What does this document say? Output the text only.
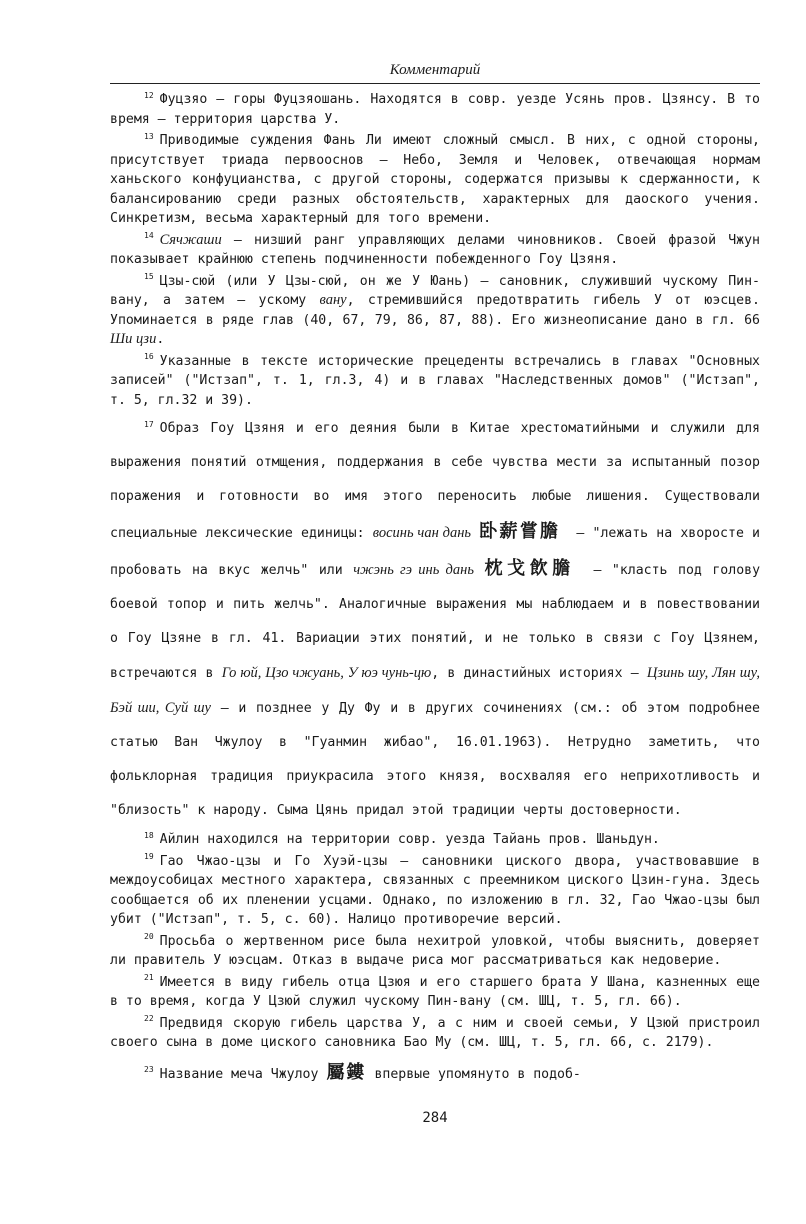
Комментарий

$^{12}$ Фуцзяо — горы Фуцзяошань. Находятся в совр. уезде Усянь пров. Цзянсу. В то время — территория царства У.

$^{13}$ Приводимые суждения Фань Ли имеют сложный смысл. В них, с одной стороны, присутствует триада первооснов — Небо, Земля и Человек, отвечающая нормам ханьского конфуцианства, с другой стороны, содержатся призывы к сдержанности, к балансированию среди разных обстоятельств, характерных для даоского учения. Синкретизм, весьма характерный для того времени.

$^{14}$ Сячжаши — низший ранг управляющих делами чиновников. Своей фразой Чжун показывает крайнюю степень подчиненности побежденного Гоу Цзяня.

$^{15}$ Цзы-сюй (или У Цзы-сюй, он же У Юань) — сановник, служивший чускому Пин-вану, а затем — ускому вану, стремившийся предотвратить гибель У от юэсцев. Упоминается в ряде глав (40, 67, 79, 86, 87, 88). Его жизнеописание дано в гл. 66 Ши цзи.

$^{16}$ Указанные в тексте исторические прецеденты встречались в главах "Основных записей" ("Истзап", т. 1, гл.3, 4) и в главах "Наследственных домов" ("Истзап", т. 5, гл.32 и 39).

$^{17}$ Образ Гоу Цзяня и его деяния были в Китае хрестоматийными и служили для выражения понятий отмщения, поддержания в себе чувства мести за испытанный позор поражения и готовности во имя этого переносить любые лишения. Существовали специальные лексические единицы: восинь чан дань 卧薪嘗膽 — "лежать на хворосте и пробовать на вкус желчь" или чжэнь гэ инь дань 枕戈飲膽 — "класть под голову боевой топор и пить желчь". Аналогичные выражения мы наблюдаем и в повествовании о Гоу Цзяне в гл. 41. Вариации этих понятий, и не только в связи с Гоу Цзянем, встречаются в Го юй, Цзо чжуань, У юэ чунь-цю, в династийных историях — Цзинь шу, Лян шу, Бэй ши, Суй шу — и позднее у Ду Фу и в других сочинениях (см.: об этом подробнее статью Ван Чжулоу в "Гуанмин жибао", 16.01.1963). Нетрудно заметить, что фольклорная традиция приукрасила этого князя, восхваляя его неприхотливость и "близость" к народу. Сыма Цянь придал этой традиции черты достоверности.

$^{18}$ Айлин находился на территории совр. уезда Тайань пров. Шаньдун.

$^{19}$ Гао Чжао-цзы и Го Хуэй-цзы — сановники циского двора, участвовавшие в междоусобицах местного характера, связанных с преемником циского Цзин-гуна. Здесь сообщается об их пленении усцами. Однако, по изложению в гл. 32, Гао Чжао-цзы был убит ("Истзап", т. 5, с. 60). Налицо противоречие версий.

$^{20}$ Просьба о жертвенном рисе была нехитрой уловкой, чтобы выяснить, доверяет ли правитель У юэсцам. Отказ в выдаче риса мог рассматриваться как недоверие.

$^{21}$ Имеется в виду гибель отца Цзюя и его старшего брата У Шана, казненных еще в то время, когда У Цзюй служил чускому Пин-вану (см. ШЦ, т. 5, гл. 66).

$^{22}$ Предвидя скорую гибель царства У, а с ним и своей семьи, У Цзюй пристроил своего сына в доме циского сановника Бао Му (см. ШЦ, т. 5, гл. 66, с. 2179).

$^{23}$ Название меча Чжулоу 屬鏤 впервые упомянуто в подоб-

284
